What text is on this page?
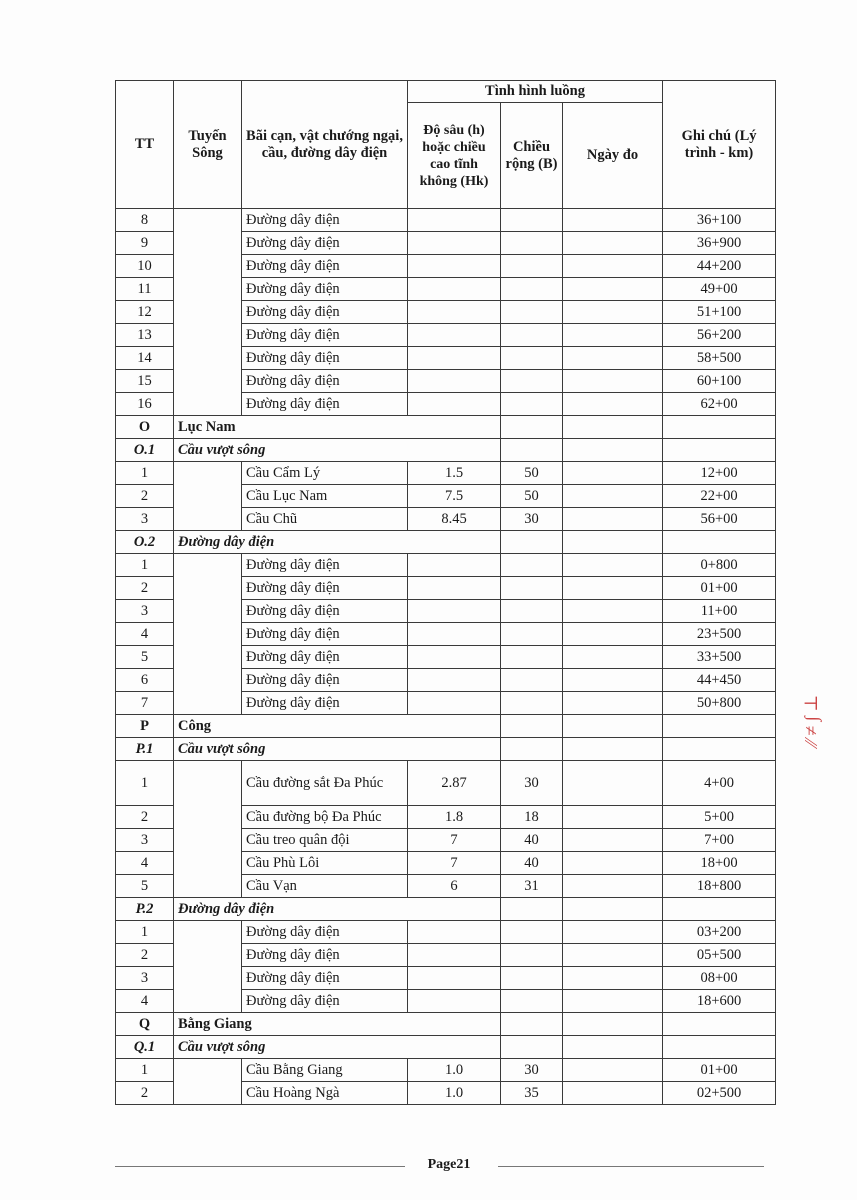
TT	Tuyến Sông	Bãi cạn, vật chướng ngại, cầu, đường dây điện	Tình hình luồng			Ghi chú (Lý trình - km)
			Độ sâu (h) hoặc chiều cao tĩnh không (Hk)	Chiều rộng (B)	Ngày đo	
8		Đường dây điện				36+100
9		Đường dây điện				36+900
10		Đường dây điện				44+200
11		Đường dây điện				49+00
12		Đường dây điện				51+100
13		Đường dây điện				56+200
14		Đường dây điện				58+500
15		Đường dây điện				60+100
16		Đường dây điện				62+00
O	Lục Nam					
O.1	Cầu vượt sông					
1		Cầu Cẩm Lý	1.5	50		12+00
2		Cầu Lục Nam	7.5	50		22+00
3		Cầu Chũ	8.45	30		56+00
O.2	Đường dây điện					
1		Đường dây điện				0+800
2		Đường dây điện				01+00
3		Đường dây điện				11+00
4		Đường dây điện				23+500
5		Đường dây điện				33+500
6		Đường dây điện				44+450
7		Đường dây điện				50+800
P	Công					
P.1	Cầu vượt sông					
1		Cầu đường sắt Đa Phúc	2.87	30		4+00
2		Cầu đường bộ Đa Phúc	1.8	18		5+00
3		Cầu treo quân đội	7	40		7+00
4		Cầu Phù Lôi	7	40		18+00
5		Cầu Vạn	6	31		18+800
P.2	Đường dây điện					
1		Đường dây điện				03+200
2		Đường dây điện				05+500
3		Đường dây điện				08+00
4		Đường dây điện				18+600
Q	Bằng Giang					
Q.1	Cầu vượt sông					
1		Cầu Bằng Giang	1.0	30		01+00
2		Cầu Hoàng Ngà	1.0	35		02+500
Page21
⁄⁄ ≠ ∫ ⊥
